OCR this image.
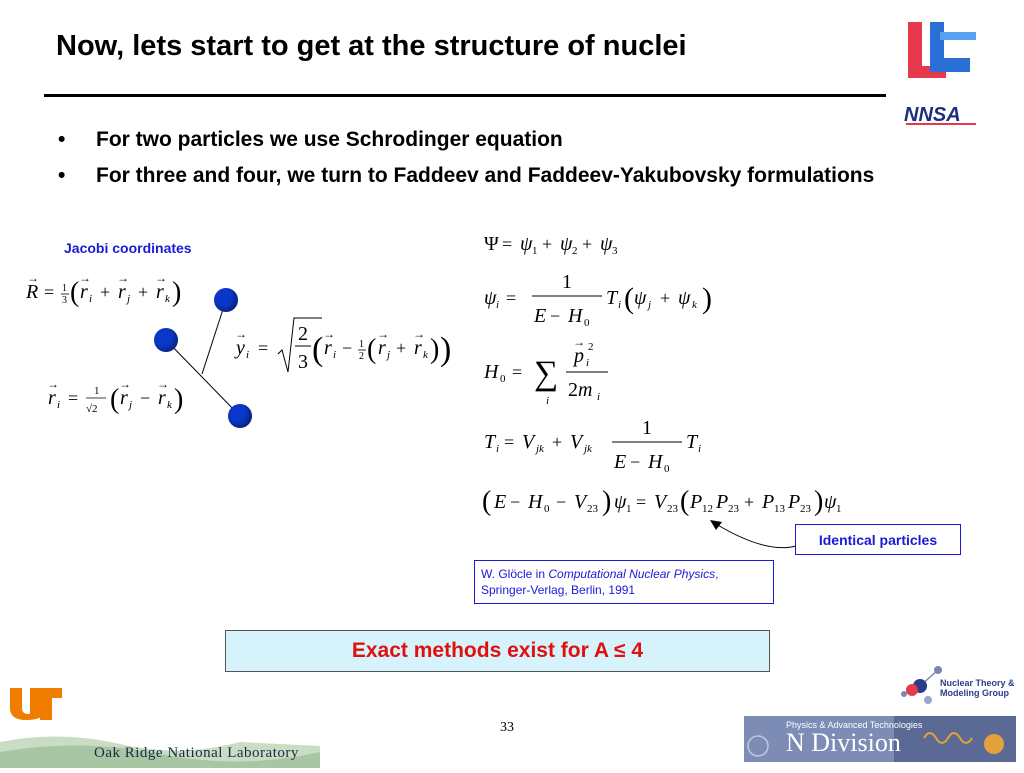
Now, lets start to get at the structure of nuclei
NNSA
• For two particles we use Schrodinger equation
• For three and four, we turn to Faddeev and Faddeev-Yakubovsky formulations
Jacobi coordinates
R
→
= 1
3 ( r
→
i + r
→
j + r
→
k )
r
→
i = 1
√2 ( r
→
j − r
→
k )
y
→
i =
2
3 ( r
→
i − 1
2 ( r
→
j + r
→
k ) )
Ψ = ψ 1 + ψ 2 + ψ 3
ψ i =
1
E − H 0
T i ( ψ j + ψ k )
H 0 = ∑
i
p
→ 2
i
2m i
T i = V jk + V jk
1
E − H 0
T i
( E − H 0 − V 23 ) ψ 1 = V 23 ( P 12 P 23 + P 13 P 23 ) ψ 1
Identical particles
W. Glöcle in Computational Nuclear Physics,
Springer-Verlag, Berlin, 1991
Exact methods exist for A ≤ 4
Oak Ridge National Laboratory
33
Nuclear Theory &
Modeling Group
Physics & Advanced Technologies
N Division
